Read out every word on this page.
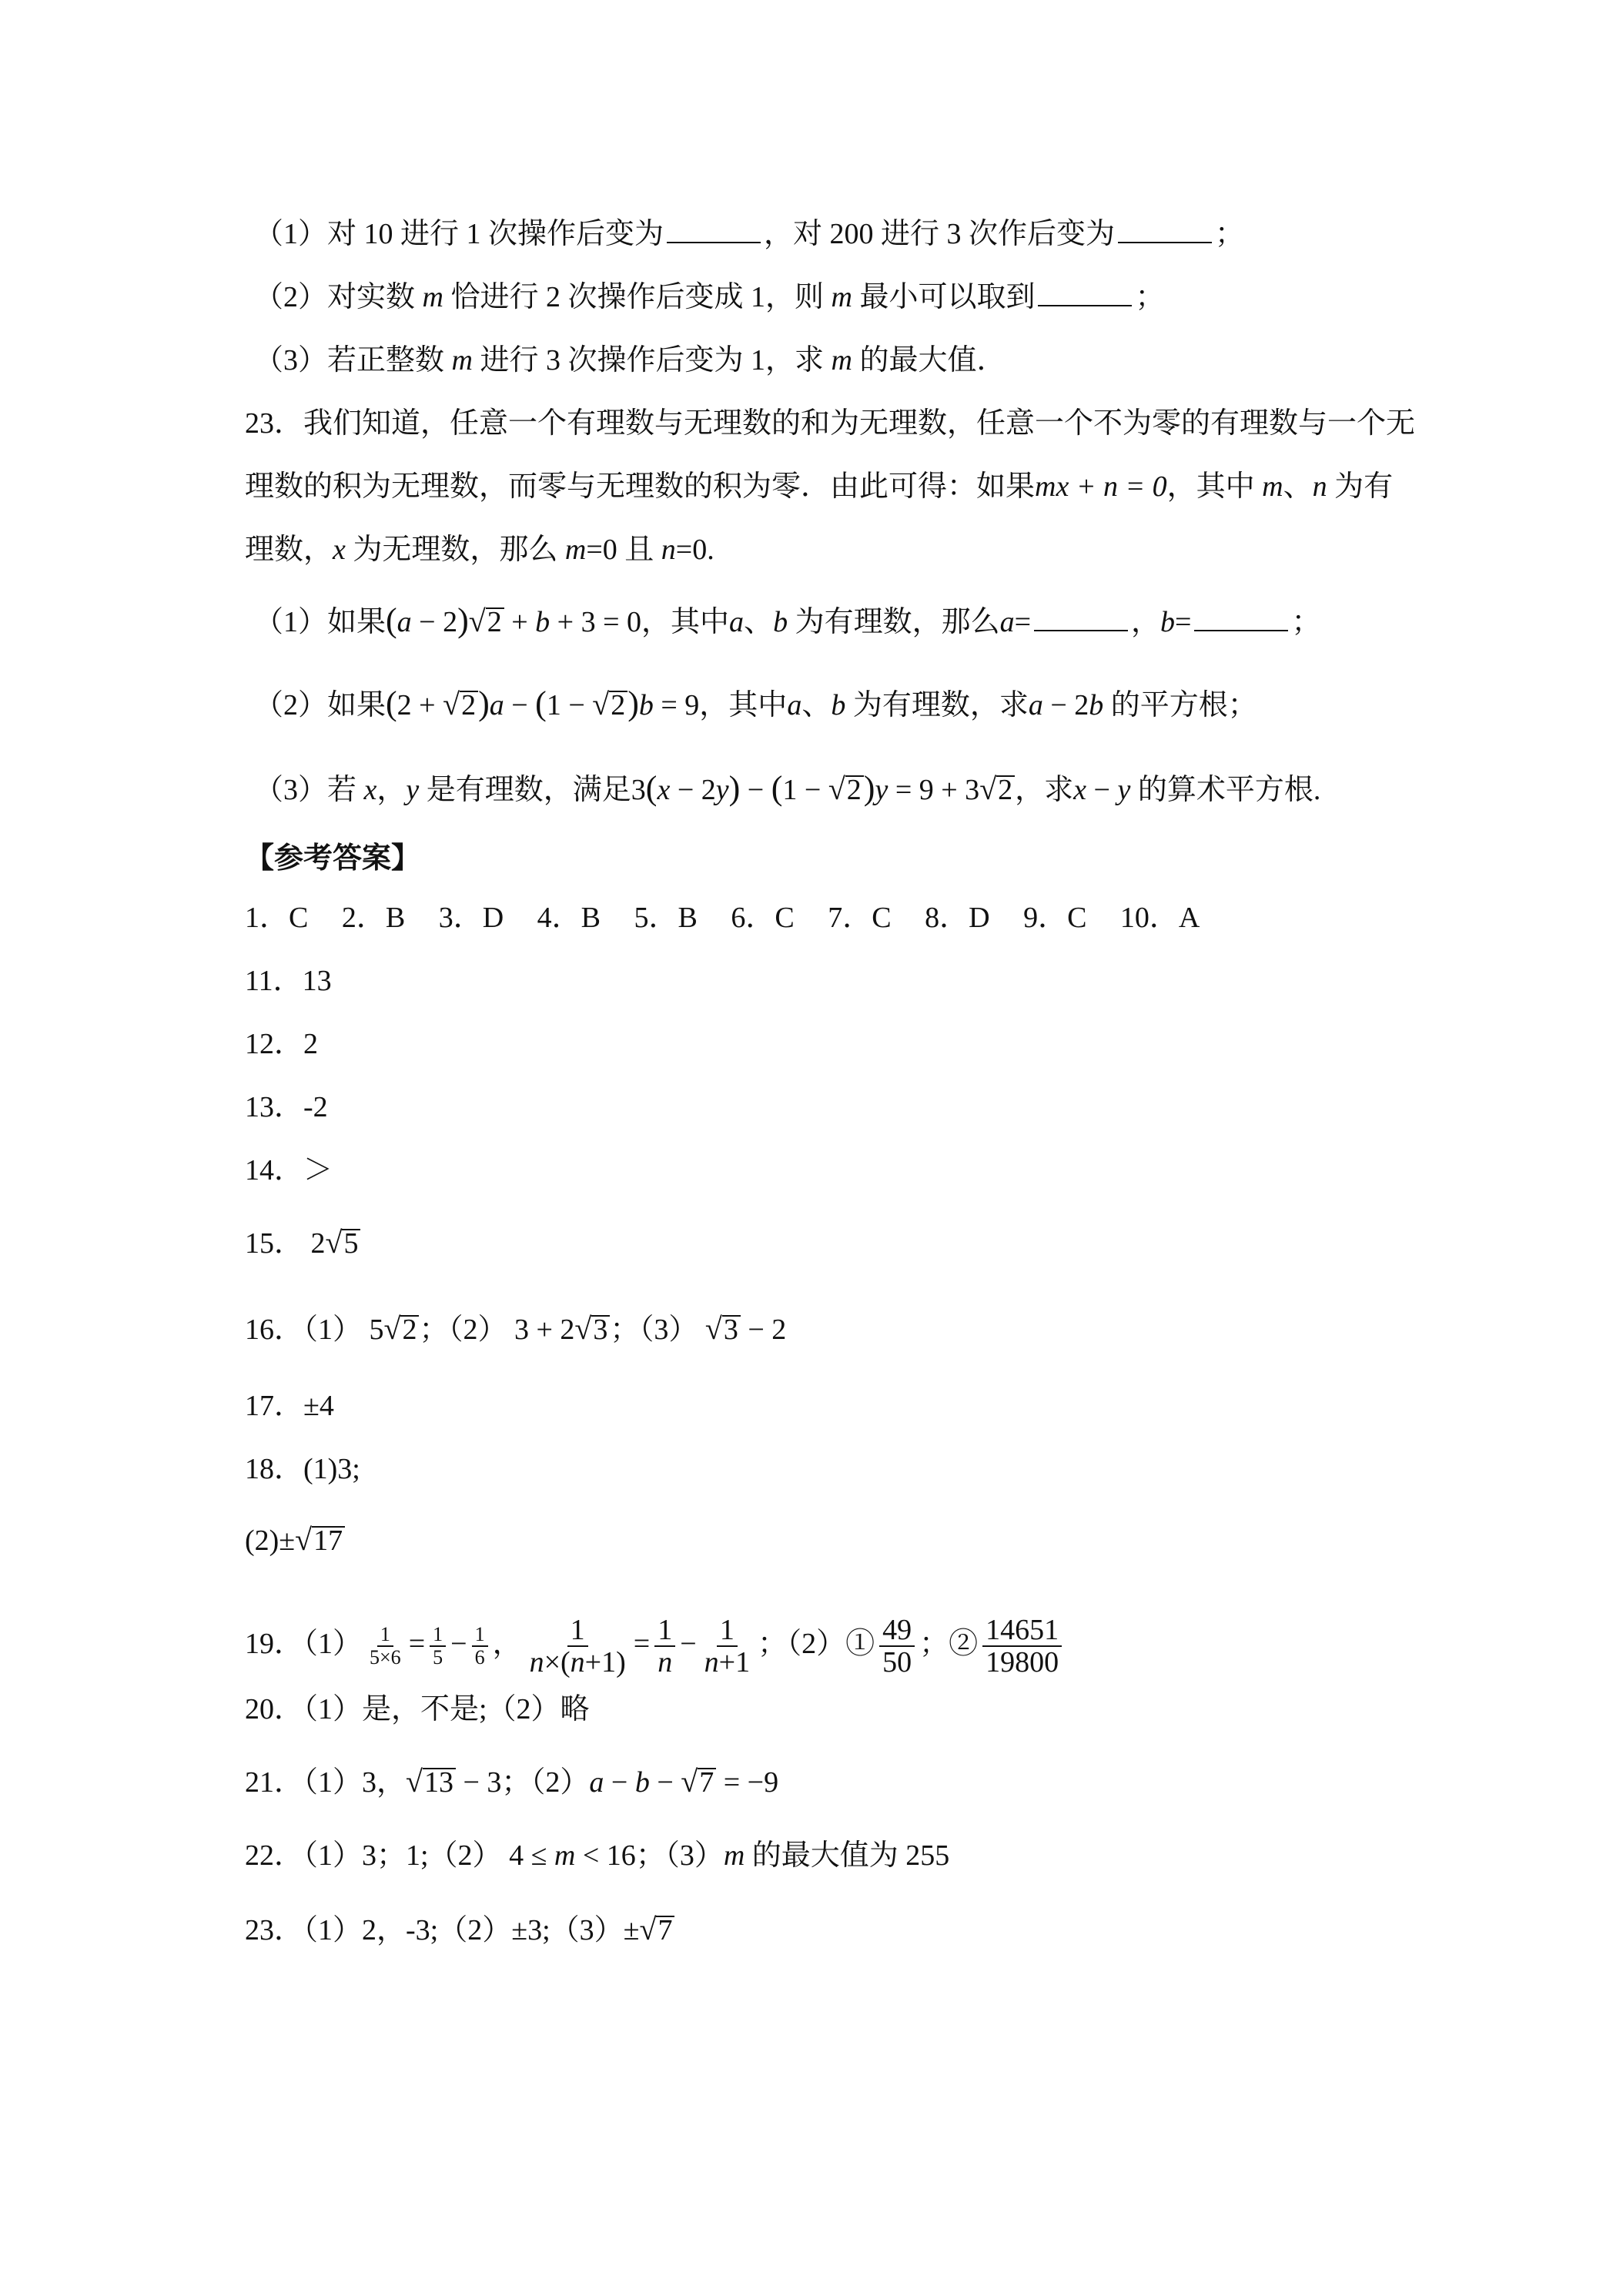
（1）对 10 进行 1 次操作后变为	，对 200 进行 3 次作后变为	；
（2）对实数 m 恰进行 2 次操作后变成 1，则 m 最小可以取到	；
（3）若正整数 m 进行 3 次操作后变为 1，求 m 的最大值．
23．我们知道，任意一个有理数与无理数的和为无理数，任意一个不为零的有理数与一个无
理数的积为无理数，而零与无理数的积为零．由此可得：如果mx + n = 0，其中 m、n 为有
理数，x 为无理数，那么 m=0 且 n=0.
（1）如果(a − 2)√2 + b + 3 = 0，其中a、b 为有理数，那么a=	，b=	；
（2）如果(2 + √2)a − (1 − √2)b = 9，其中a、b 为有理数，求a − 2b 的平方根；
（3）若 x，y 是有理数，满足3(x − 2y) − (1 − √2)y = 9 + 3√2，求x − y 的算术平方根.
【参考答案】
1．C 2．B 3．D 4．B 5．B 6．C 7．C 8．D 9．C 10．A
11．13
12．2
13．-2
14．＞
15． 2√5
16．（1） 5√2；（2） 3 + 2√3；（3） √3 − 2
17．±4
18．(1)3;
(2)±√17
19．$(1) \frac{1}{5\times 6} = \frac{1}{5} - \frac{1}{6}$ ， $\frac{1}{n\times(n+1)} = \frac{1}{n} - \frac{1}{n+1}$ ；（2）① $\frac{49}{50}$ ；② $\frac{14651}{19800}$
20．（1）是，不是;（2）略
21．（1）3，√13 − 3；（2）a − b − √7 = −9
22．（1）3；1;（2） 4 ≤ m < 16；（3）m 的最大值为 255
23．（1）2，-3;（2）±3;（3）±√7
